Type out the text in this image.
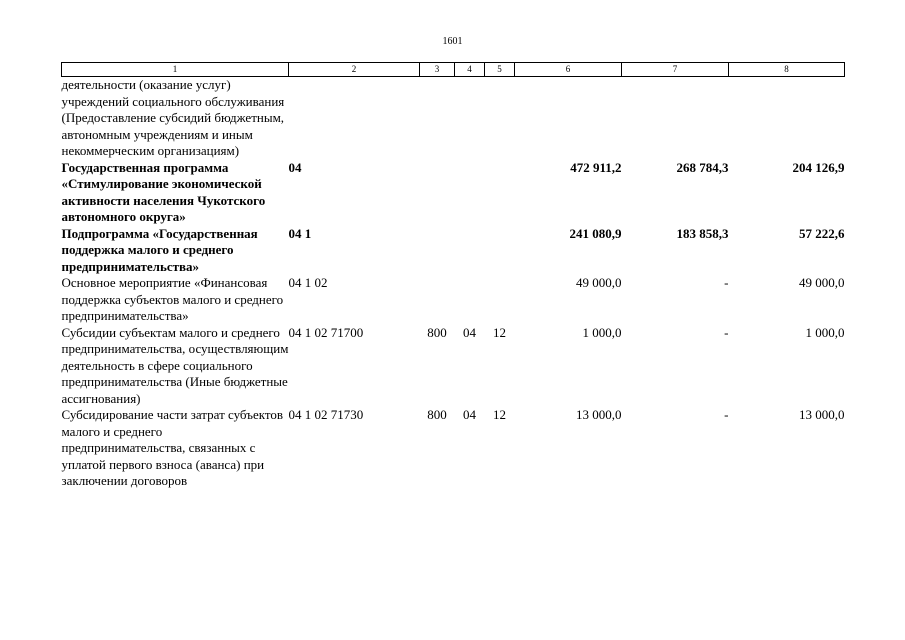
1601
1	2	3	4	5	6	7	8
деятельности (оказание услуг) учреждений социального обслуживания (Предоставление субсидий бюджетным, автономным учреждениям и иным некоммерческим организациям)							
Государственная программа «Стимулирование экономической активности населения Чукотского автономного округа»	04				472 911,2	268 784,3	204 126,9
Подпрограмма «Государственная поддержка малого и среднего предпринимательства»	04 1				241 080,9	183 858,3	57 222,6
Основное мероприятие «Финансовая поддержка субъектов малого и среднего предпринимательства»	04 1 02				49 000,0	-	49 000,0
Субсидии субъектам малого и среднего предпринимательства, осуществляющим деятельность в сфере социального предпринимательства (Иные бюджетные ассигнования)	04 1 02 71700	800	04	12	1 000,0	-	1 000,0
Субсидирование части затрат субъектов малого и среднего предпринимательства, связанных с уплатой первого взноса (аванса) при заключении договоров	04 1 02 71730	800	04	12	13 000,0	-	13 000,0
